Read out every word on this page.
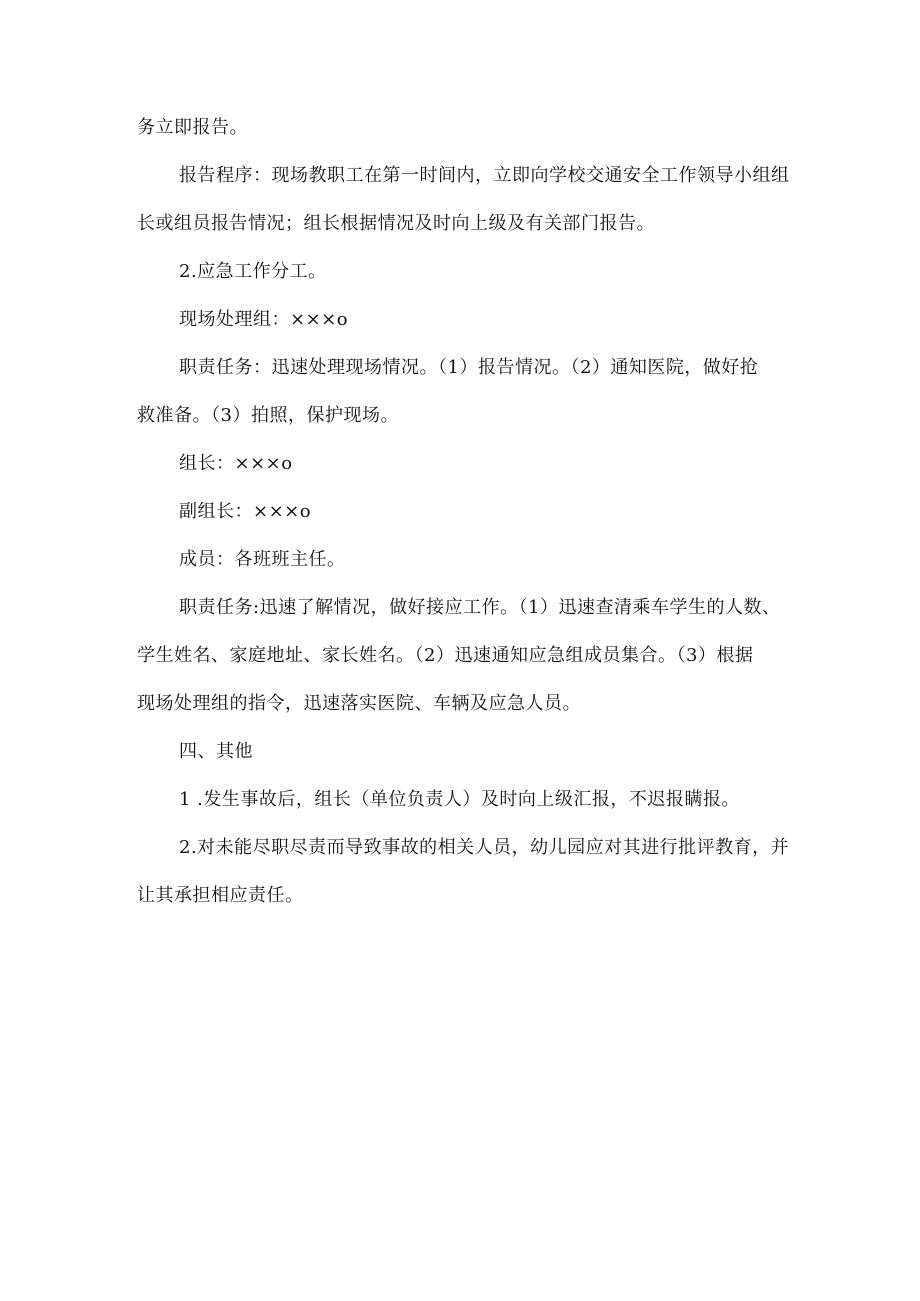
务立即报告。

报告程序：现场教职工在第一时间内，立即向学校交通安全工作领导小组组

长或组员报告情况；组长根据情况及时向上级及有关部门报告。

2.应急工作分工。

现场处理组：×××o

职责任务：迅速处理现场情况。（1）报告情况。（2）通知医院，做好抢

救准备。（3）拍照，保护现场。

组长：×××o

副组长：×××o

成员：各班班主任。

职责任务:迅速了解情况，做好接应工作。（1）迅速查清乘车学生的人数、

学生姓名、家庭地址、家长姓名。（2）迅速通知应急组成员集合。（3）根据

现场处理组的指令，迅速落实医院、车辆及应急人员。

四、其他

1 .发生事故后，组长（单位负责人）及时向上级汇报，不迟报瞒报。

2.对未能尽职尽责而导致事故的相关人员，幼儿园应对其进行批评教育，并

让其承担相应责任。
